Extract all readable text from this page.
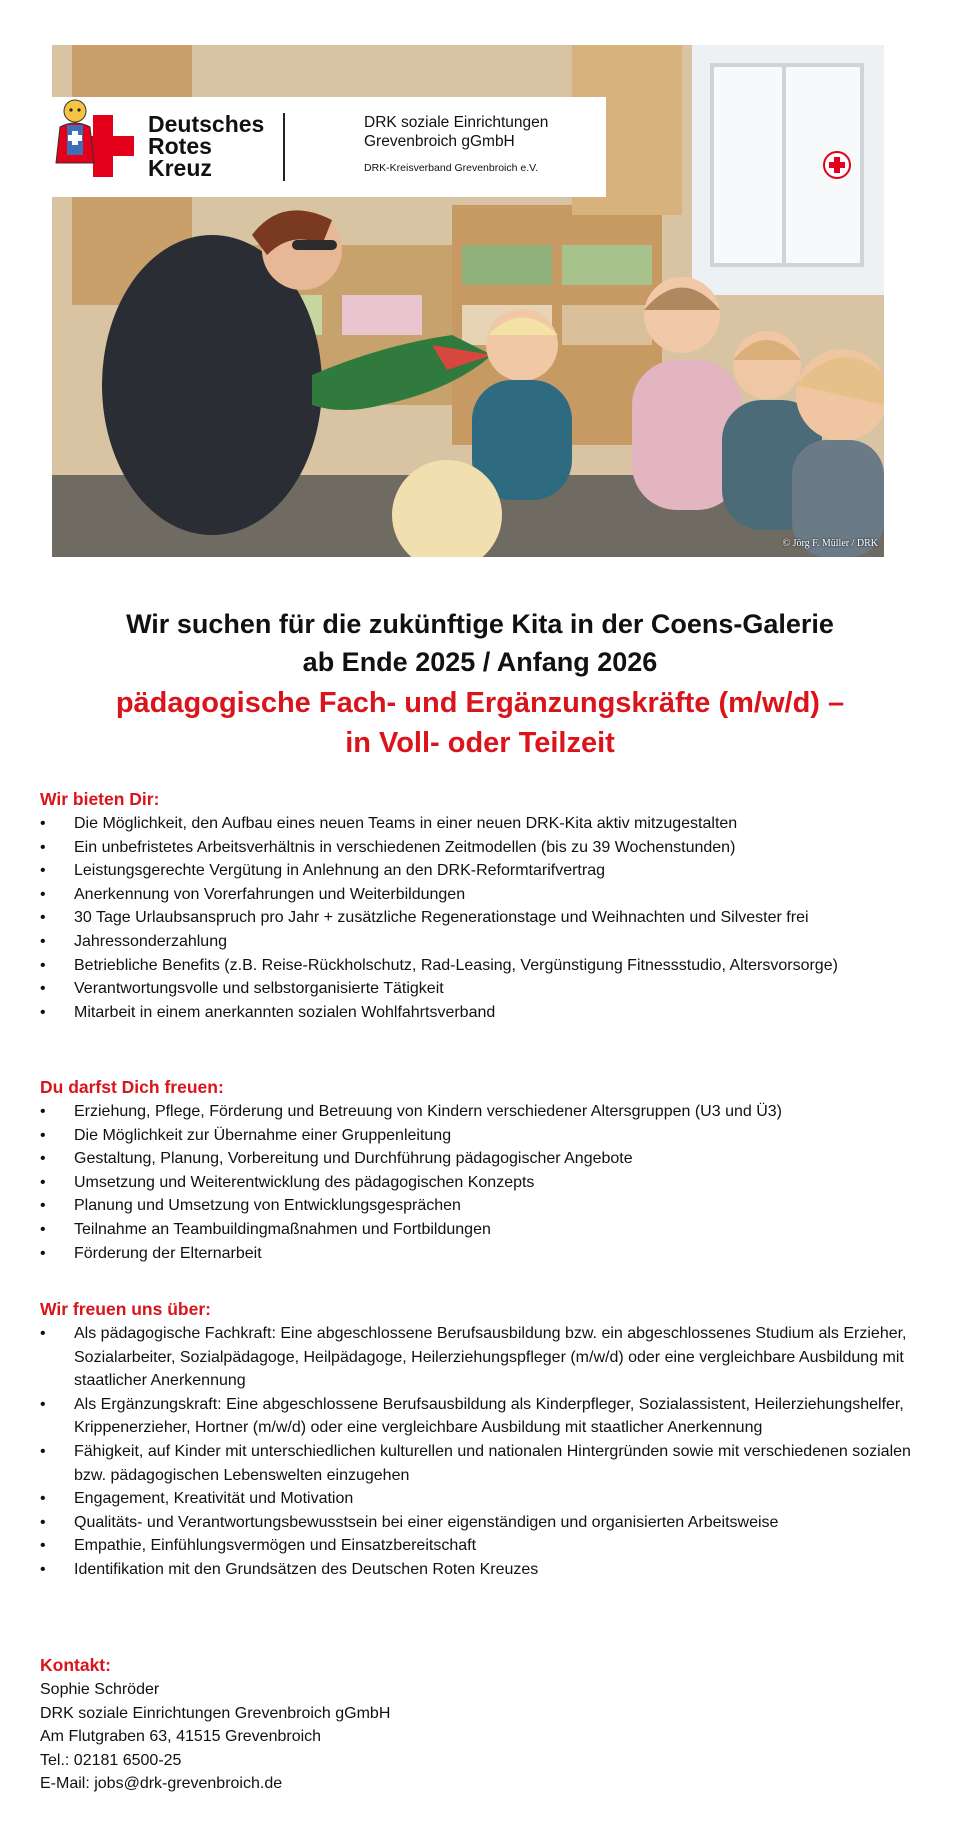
Deutsches
Rotes
Kreuz
DRK soziale Einrichtungen
Grevenbroich gGmbH
DRK-Kreisverband Grevenbroich e.V.
© Jörg F. Müller / DRK
Wir suchen für die zukünftige Kita in der Coens-Galerie
ab Ende 2025 / Anfang 2026
pädagogische Fach- und Ergänzungskräfte (m/w/d) –
in Voll- oder Teilzeit
Wir bieten Dir:
• Die Möglichkeit, den Aufbau eines neuen Teams in einer neuen DRK-Kita aktiv mitzugestalten
• Ein unbefristetes Arbeitsverhältnis in verschiedenen Zeitmodellen (bis zu 39 Wochenstunden)
• Leistungsgerechte Vergütung in Anlehnung an den DRK-Reformtarifvertrag
• Anerkennung von Vorerfahrungen und Weiterbildungen
• 30 Tage Urlaubsanspruch pro Jahr + zusätzliche Regenerationstage und Weihnachten und Silvester frei
• Jahressonderzahlung
• Betriebliche Benefits (z.B. Reise-Rückholschutz, Rad-Leasing, Vergünstigung Fitnessstudio, Altersvorsorge)
• Verantwortungsvolle und selbstorganisierte Tätigkeit
• Mitarbeit in einem anerkannten sozialen Wohlfahrtsverband
Du darfst Dich freuen:
• Erziehung, Pflege, Förderung und Betreuung von Kindern verschiedener Altersgruppen (U3 und Ü3)
• Die Möglichkeit zur Übernahme einer Gruppenleitung
• Gestaltung, Planung, Vorbereitung und Durchführung pädagogischer Angebote
• Umsetzung und Weiterentwicklung des pädagogischen Konzepts
• Planung und Umsetzung von Entwicklungsgesprächen
• Teilnahme an Teambuildingmaßnahmen und Fortbildungen
• Förderung der Elternarbeit
Wir freuen uns über:
• Als pädagogische Fachkraft: Eine abgeschlossene Berufsausbildung bzw. ein abgeschlossenes Studium als Erzieher, Sozialarbeiter, Sozialpädagoge, Heilpädagoge, Heilerziehungspfleger (m/w/d) oder eine vergleichbare Ausbildung mit staatlicher Anerkennung
• Als Ergänzungskraft: Eine abgeschlossene Berufsausbildung als Kinderpfleger, Sozialassistent, Heilerziehungshelfer, Krippenerzieher, Hortner (m/w/d) oder eine vergleichbare Ausbildung mit staatlicher Anerkennung
• Fähigkeit, auf Kinder mit unterschiedlichen kulturellen und nationalen Hintergründen sowie mit verschiedenen sozialen bzw. pädagogischen Lebenswelten einzugehen
• Engagement, Kreativität und Motivation
• Qualitäts- und Verantwortungsbewusstsein bei einer eigenständigen und organisierten Arbeitsweise
• Empathie, Einfühlungsvermögen und Einsatzbereitschaft
• Identifikation mit den Grundsätzen des Deutschen Roten Kreuzes
Kontakt:
Sophie Schröder
DRK soziale Einrichtungen Grevenbroich gGmbH
Am Flutgraben 63, 41515 Grevenbroich
Tel.: 02181 6500-25
E-Mail: jobs@drk-grevenbroich.de
